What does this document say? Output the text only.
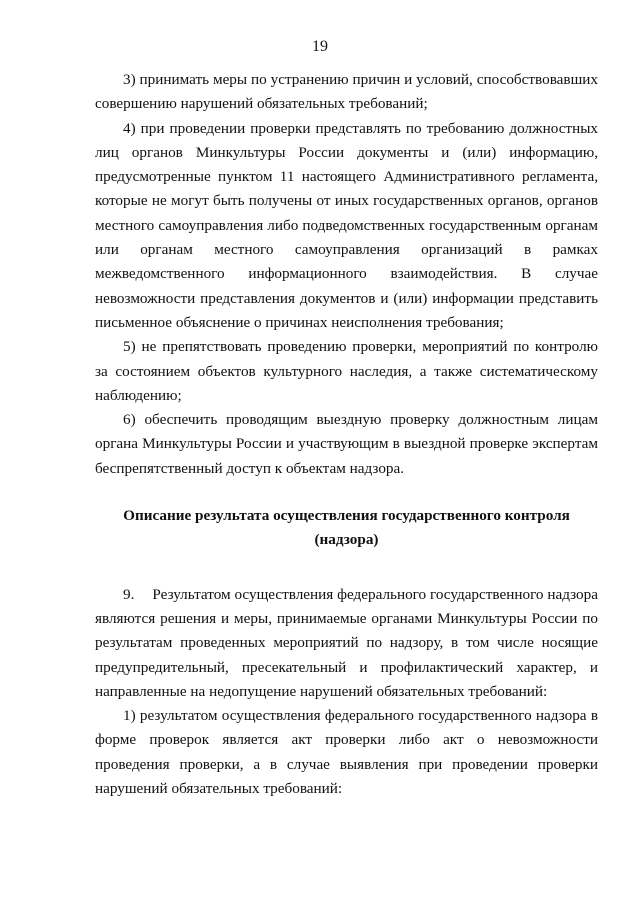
19

3) принимать меры по устранению причин и условий, способствовавших совершению нарушений обязательных требований;

4) при проведении проверки представлять по требованию должностных лиц органов Минкультуры России документы и (или) информацию, предусмотренные пунктом 11 настоящего Административного регламента, которые не могут быть получены от иных государственных органов, органов местного самоуправления либо подведомственных государственным органам или органам местного самоуправления организаций в рамках межведомственного информационного взаимодействия. В случае невозможности представления документов и (или) информации представить письменное объяснение о причинах неисполнения требования;

5) не препятствовать проведению проверки, мероприятий по контролю за состоянием объектов культурного наследия, а также систематическому наблюдению;

6) обеспечить проводящим выездную проверку должностным лицам органа Минкультуры России и участвующим в выездной проверке экспертам беспрепятственный доступ к объектам надзора.

Описание результата осуществления государственного контроля

(надзора)

9. Результатом осуществления федерального государственного надзора являются решения и меры, принимаемые органами Минкультуры России по результатам проведенных мероприятий по надзору, в том числе носящие предупредительный, пресекательный и профилактический характер, и направленные на недопущение нарушений обязательных требований:

1) результатом осуществления федерального государственного надзора в форме проверок является акт проверки либо акт о невозможности проведения проверки, а в случае выявления при проведении проверки нарушений обязательных требований:
